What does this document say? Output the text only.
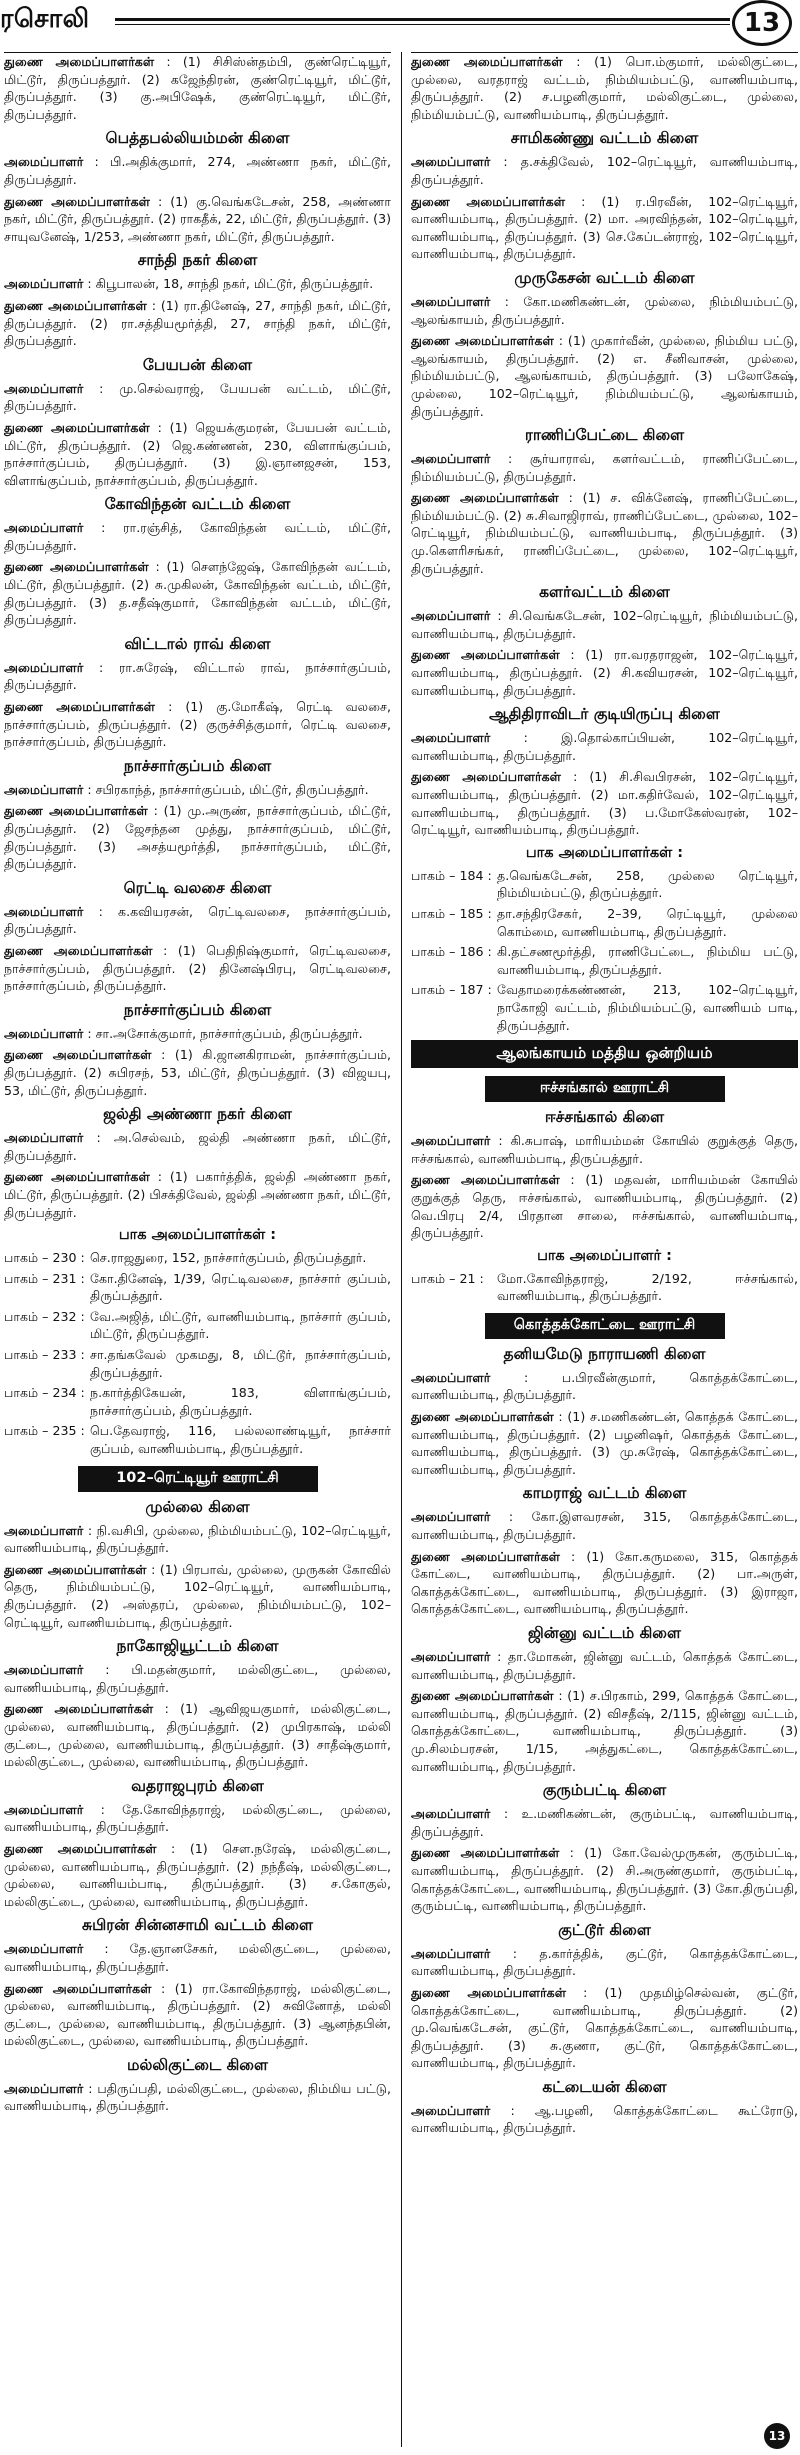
ரசொலி	13
துணை அமைப்பாளர்கள் : (1) சிசிஸ்ன்தம்பி, குண்ரெட்டியூர், மிட்டூர், திருப்பத்தூர். (2) கஜேந்திரன், குண்ரெட்டியூர், மிட்டூர், திருப்பத்தூர். (3) கு.அபிஷேக், குண்ரெட்டியூர், மிட்டூர், திருப்பத்தூர்.
பெத்தபல்லியம்மன் கிளை
அமைப்பாளர் : பி.அதிக்குமார், 274, அண்ணா நகர், மிட்டூர், திருப்பத்தூர்.
துணை அமைப்பாளர்கள் : (1) கு.வெங்கடேசன், 258, அண்ணா நகர், மிட்டூர், திருப்பத்தூர். (2) ராகதீக், 22, மிட்டூர், திருப்பத்தூர். (3) சாயுவனேஷ், 1/253, அண்ணா நகர், மிட்டூர், திருப்பத்தூர்.
சாந்தி நகர் கிளை
அமைப்பாளர் : கிபூபாலன், 18, சாந்தி நகர், மிட்டூர், திருப்பத்தூர்.
துணை அமைப்பாளர்கள் : (1) ரா.தினேஷ், 27, சாந்தி நகர், மிட்டூர், திருப்பத்தூர். (2) ரா.சத்தியமூர்த்தி, 27, சாந்தி நகர், மிட்டூர், திருப்பத்தூர்.
பேயபன் கிளை
அமைப்பாளர் : மு.செல்வராஜ், பேயபன் வட்டம், மிட்டூர், திருப்பத்தூர்.
துணை அமைப்பாளர்கள் : (1) ஜெயக்குமரன், பேயபன் வட்டம், மிட்டூர், திருப்பத்தூர். (2) ஜெ.கண்ணன், 230, விளாங்குப்பம், நாச்சார்குப்பம், திருப்பத்தூர். (3) இ.ஞானஜசன், 153, விளாங்குப்பம், நாச்சார்குப்பம், திருப்பத்தூர்.
கோவிந்தன் வட்டம் கிளை
அமைப்பாளர் : ரா.ரஞ்சித், கோவிந்தன் வட்டம், மிட்டூர், திருப்பத்தூர்.
துணை அமைப்பாளர்கள் : (1) சௌந்ஜேஷ், கோவிந்தன் வட்டம், மிட்டூர், திருப்பத்தூர். (2) சு.முகிலன், கோவிந்தன் வட்டம், மிட்டூர், திருப்பத்தூர். (3) த.சதீஷ்குமார், கோவிந்தன் வட்டம், மிட்டூர், திருப்பத்தூர்.
விட்டால் ராவ் கிளை
அமைப்பாளர் : ரா.சுரேஷ், விட்டால் ராவ், நாச்சார்குப்பம், திருப்பத்தூர்.
துணை அமைப்பாளர்கள் : (1) கு.மோகீஷ், ரெட்டி வலசை, நாச்சார்குப்பம், திருப்பத்தூர். (2) குருச்சித்குமார், ரெட்டி வலசை, நாச்சார்குப்பம், திருப்பத்தூர்.
நாச்சார்குப்பம் கிளை
அமைப்பாளர் : சபிரகாந்த், நாச்சார்குப்பம், மிட்டூர், திருப்பத்தூர்.
துணை அமைப்பாளர்கள் : (1) மு.அருண், நாச்சார்குப்பம், மிட்டூர், திருப்பத்தூர். (2) ஜேசந்தன முத்து, நாச்சார்குப்பம், மிட்டூர், திருப்பத்தூர். (3) அசத்யமூர்த்தி, நாச்சார்குப்பம், மிட்டூர், திருப்பத்தூர்.
ரெட்டி வலசை கிளை
அமைப்பாளர் : க.கவியரசன், ரெட்டிவலசை, நாச்சார்குப்பம், திருப்பத்தூர்.
துணை அமைப்பாளர்கள் : (1) பெதிநிஷ்குமார், ரெட்டிவலசை, நாச்சார்குப்பம், திருப்பத்தூர். (2) தினேஷ்பிரபு, ரெட்டிவலசை, நாச்சார்குப்பம், திருப்பத்தூர்.
நாச்சார்குப்பம் கிளை
அமைப்பாளர் : சா.அசோக்குமார், நாச்சார்குப்பம், திருப்பத்தூர்.
துணை அமைப்பாளர்கள் : (1) கி.ஜானகிராமன், நாச்சார்குப்பம், திருப்பத்தூர். (2) சுபிரசந், 53, மிட்டூர், திருப்பத்தூர். (3) விஜயபு, 53, மிட்டூர், திருப்பத்தூர்.
ஜல்தி அண்ணா நகர் கிளை
அமைப்பாளர் : அ.செல்வம், ஜல்தி அண்ணா நகர், மிட்டூர், திருப்பத்தூர்.
துணை அமைப்பாளர்கள் : (1) பகார்த்திக், ஜல்தி அண்ணா நகர், மிட்டூர், திருப்பத்தூர். (2) பிசக்திவேல், ஜல்தி அண்ணா நகர், மிட்டூர், திருப்பத்தூர்.
பாக அமைப்பாளர்கள் :
பாகம் – 230 : செ.ராஜதுரை, 152, நாச்சார்குப்பம், திருப்பத்தூர்.
பாகம் – 231 : கோ.தினேஷ், 1/39, ரெட்டிவலசை, நாச்சார் குப்பம், திருப்பத்தூர்.
பாகம் – 232 : வே.அஜித், மிட்டூர், வாணியம்பாடி, நாச்சார் குப்பம், மிட்டூர், திருப்பத்தூர்.
பாகம் – 233 : சா.தங்கவேல் முகமது, 8, மிட்டூர், நாச்சார்குப்பம், திருப்பத்தூர்.
பாகம் – 234 : ந.கார்த்திகேயன், 183, விளாங்குப்பம், நாச்சார்குப்பம், திருப்பத்தூர்.
பாகம் – 235 : பெ.தேவராஜ், 116, பல்லலாண்டியூர், நாச்சார் குப்பம், வாணியம்பாடி, திருப்பத்தூர்.
102–ரெட்டியூர் ஊராட்சி
முல்லை கிளை
அமைப்பாளர் : நி.வசிபி, முல்லை, நிம்மியம்பட்டு, 102–ரெட்டியூர், வாணியம்பாடி, திருப்பத்தூர்.
துணை அமைப்பாளர்கள் : (1) பிரபாவ், முல்லை, முருகன் கோவில் தெரு, நிம்மியம்பட்டு, 102–ரெட்டியூர், வாணியம்பாடி, திருப்பத்தூர். (2) அஸ்தரப், முல்லை, நிம்மியம்பட்டு, 102–ரெட்டியூர், வாணியம்பாடி, திருப்பத்தூர்.
நாகோஜியூட்டம் கிளை
அமைப்பாளர் : பி.மதன்குமார், மல்லிகுட்டை, முல்லை, வாணியம்பாடி, திருப்பத்தூர்.
துணை அமைப்பாளர்கள் : (1) ஆவிஜயகுமார், மல்லிகுட்டை, முல்லை, வாணியம்பாடி, திருப்பத்தூர். (2) முபிரகாஷ், மல்லி குட்டை, முல்லை, வாணியம்பாடி, திருப்பத்தூர். (3) சாதீஷ்குமார், மல்லிகுட்டை, முல்லை, வாணியம்பாடி, திருப்பத்தூர்.
வதராஜபுரம் கிளை
அமைப்பாளர் : தே.கோவிந்தராஜ், மல்லிகுட்டை, முல்லை, வாணியம்பாடி, திருப்பத்தூர்.
துணை அமைப்பாளர்கள் : (1) சௌ.நரேஷ், மல்லிகுட்டை, முல்லை, வாணியம்பாடி, திருப்பத்தூர். (2) நந்தீஷ், மல்லிகுட்டை, முல்லை, வாணியம்பாடி, திருப்பத்தூர். (3) ச.கோகுல், மல்லிகுட்டை, முல்லை, வாணியம்பாடி, திருப்பத்தூர்.
சுபிரன் சின்னசாமி வட்டம் கிளை
அமைப்பாளர் : தே.ஞானசேகர், மல்லிகுட்டை, முல்லை, வாணியம்பாடி, திருப்பத்தூர்.
துணை அமைப்பாளர்கள் : (1) ரா.கோவிந்தராஜ், மல்லிகுட்டை, முல்லை, வாணியம்பாடி, திருப்பத்தூர். (2) சுவினோத், மல்லி குட்டை, முல்லை, வாணியம்பாடி, திருப்பத்தூர். (3) ஆனந்தபின், மல்லிகுட்டை, முல்லை, வாணியம்பாடி, திருப்பத்தூர்.
மல்லிகுட்டை கிளை
அமைப்பாளர் : பதிருப்பதி, மல்லிகுட்டை, முல்லை, நிம்மிய பட்டு, வாணியம்பாடி, திருப்பத்தூர்.
துணை அமைப்பாளர்கள் : (1) பொ.ம்குமார், மல்லிகுட்டை, முல்லை, வரதராஜ் வட்டம், நிம்மியம்பட்டு, வாணியம்பாடி, திருப்பத்தூர். (2) ச.பழனிகுமார், மல்லிகுட்டை, முல்லை, நிம்மியம்பட்டு, வாணியம்பாடி, திருப்பத்தூர்.
சாமிகண்ணு வட்டம் கிளை
அமைப்பாளர் : த.சக்திவேல், 102–ரெட்டியூர், வாணியம்பாடி, திருப்பத்தூர்.
துணை அமைப்பாளர்கள் : (1) ர.பிரவீன், 102–ரெட்டியூர், வாணியம்பாடி, திருப்பத்தூர். (2) மா. அரவிந்தன், 102–ரெட்டியூர், வாணியம்பாடி, திருப்பத்தூர். (3) செ.கேப்டன்ராஜ், 102–ரெட்டியூர், வாணியம்பாடி, திருப்பத்தூர்.
முருகேசன் வட்டம் கிளை
அமைப்பாளர் : கோ.மணிகண்டன், முல்லை, நிம்மியம்பட்டு, ஆலங்காயம், திருப்பத்தூர்.
துணை அமைப்பாளர்கள் : (1) முகார்வீன், முல்லை, நிம்மிய பட்டு, ஆலங்காயம், திருப்பத்தூர். (2) எ. சீனிவாசன், முல்லை, நிம்மியம்பட்டு, ஆலங்காயம், திருப்பத்தூர். (3) பலோகேஷ், முல்லை, 102–ரெட்டியூர், நிம்மியம்பட்டு, ஆலங்காயம், திருப்பத்தூர்.
ராணிப்பேட்டை கிளை
அமைப்பாளர் : சூர்யாராவ், களர்வட்டம், ராணிப்பேட்டை, நிம்மியம்பட்டு, திருப்பத்தூர்.
துணை அமைப்பாளர்கள் : (1) ச. விக்னேஷ், ராணிப்பேட்டை, நிம்மியம்பட்டு. (2) சு.சிவாஜிராவ், ராணிப்பேட்டை, முல்லை, 102–ரெட்டியூர், நிம்மியம்பட்டு, வாணியம்பாடி, திருப்பத்தூர். (3) மு.கௌரிசங்கர், ராணிப்பேட்டை, முல்லை, 102–ரெட்டியூர், திருப்பத்தூர்.
களர்வட்டம் கிளை
அமைப்பாளர் : சி.வெங்கடேசன், 102–ரெட்டியூர், நிம்மியம்பட்டு, வாணியம்பாடி, திருப்பத்தூர்.
துணை அமைப்பாளர்கள் : (1) ரா.வரதராஜன், 102–ரெட்டியூர், வாணியம்பாடி, திருப்பத்தூர். (2) சி.கவியரசன், 102–ரெட்டியூர், வாணியம்பாடி, திருப்பத்தூர்.
ஆதிதிராவிடர் குடியிருப்பு கிளை
அமைப்பாளர் : இ.தொல்காப்பியன், 102–ரெட்டியூர், வாணியம்பாடி, திருப்பத்தூர்.
துணை அமைப்பாளர்கள் : (1) சி.சிவபிரசன், 102–ரெட்டியூர், வாணியம்பாடி, திருப்பத்தூர். (2) மா.கதிர்வேல், 102–ரெட்டியூர், வாணியம்பாடி, திருப்பத்தூர். (3) ப.மோகேஸ்வரன், 102–ரெட்டியூர், வாணியம்பாடி, திருப்பத்தூர்.
பாக அமைப்பாளர்கள் :
பாகம் – 184 : த.வெங்கடேசன், 258, முல்லை ரெட்டியூர், நிம்மியம்பட்டு, திருப்பத்தூர்.
பாகம் – 185 : தா.சந்திரசேகர், 2–39, ரெட்டியூர், முல்லை கொம்மை, வாணியம்பாடி, திருப்பத்தூர்.
பாகம் – 186 : கி.தட்சணமூர்த்தி, ராணிபேட்டை, நிம்மிய பட்டு, வாணியம்பாடி, திருப்பத்தூர்.
பாகம் – 187 : வேதாமரைக்கண்ணன், 213, 102–ரெட்டியூர், நாகோஜி வட்டம், நிம்மியம்பட்டு, வாணியம் பாடி, திருப்பத்தூர்.
ஆலங்காயம் மத்திய ஒன்றியம்
ஈச்சங்கால் ஊராட்சி
ஈச்சங்கால் கிளை
அமைப்பாளர் : கி.சுபாஷ், மாரியம்மன் கோயில் குறுக்குத் தெரு, ஈச்சங்கால், வாணியம்பாடி, திருப்பத்தூர்.
துணை அமைப்பாளர்கள் : (1) மதவன், மாரியம்மன் கோயில் குறுக்குத் தெரு, ஈச்சங்கால், வாணியம்பாடி, திருப்பத்தூர். (2) வெ.பிரபு 2/4, பிரதான சாலை, ஈச்சங்கால், வாணியம்பாடி, திருப்பத்தூர்.
பாக அமைப்பாளர் :
பாகம் – 21 :	மோ.கோவிந்தராஜ், 2/192, ஈச்சங்கால், வாணியம்பாடி, திருப்பத்தூர்.
கொத்தக்கோட்டை ஊராட்சி
தனியமேடு நாராயணி கிளை
அமைப்பாளர் : ப.பிரவீன்குமார், கொத்தக்கோட்டை, வாணியம்பாடி, திருப்பத்தூர்.
துணை அமைப்பாளர்கள் : (1) ச.மணிகண்டன், கொத்தக் கோட்டை, வாணியம்பாடி, திருப்பத்தூர். (2) பழனிஷர், கொத்தக் கோட்டை, வாணியம்பாடி, திருப்பத்தூர். (3) மு.சுரேஷ், கொத்தக்கோட்டை, வாணியம்பாடி, திருப்பத்தூர்.
காமராஜ் வட்டம் கிளை
அமைப்பாளர் : கோ.இளவரசன், 315, கொத்தக்கோட்டை, வாணியம்பாடி, திருப்பத்தூர்.
துணை அமைப்பாளர்கள் : (1) கோ.கருமலை, 315, கொத்தக் கோட்டை, வாணியம்பாடி, திருப்பத்தூர். (2) பா.அருள், கொத்தக்கோட்டை, வாணியம்பாடி, திருப்பத்தூர். (3) இராஜா, கொத்தக்கோட்டை, வாணியம்பாடி, திருப்பத்தூர்.
ஜின்னு வட்டம் கிளை
அமைப்பாளர் : தா.மோகன், ஜின்னு வட்டம், கொத்தக் கோட்டை, வாணியம்பாடி, திருப்பத்தூர்.
துணை அமைப்பாளர்கள் : (1) ச.பிரகாம், 299, கொத்தக் கோட்டை, வாணியம்பாடி, திருப்பத்தூர். (2) விசதீஷ், 2/115, ஜின்னு வட்டம், கொத்தக்கோட்டை, வாணியம்பாடி, திருப்பத்தூர். (3) மு.சிலம்பரசன், 1/15, அத்துகட்டை, கொத்தக்கோட்டை, வாணியம்பாடி, திருப்பத்தூர்.
குரும்பட்டி கிளை
அமைப்பாளர் : உ.மணிகண்டன், குரும்பட்டி, வாணியம்பாடி, திருப்பத்தூர்.
துணை அமைப்பாளர்கள் : (1) கோ.வேல்முருகன், குரும்பட்டி, வாணியம்பாடி, திருப்பத்தூர். (2) சி.அருண்குமார், குரும்பட்டி, கொத்தக்கோட்டை, வாணியம்பாடி, திருப்பத்தூர். (3) கோ.திருப்பதி, குரும்பட்டி, வாணியம்பாடி, திருப்பத்தூர்.
குட்டூர் கிளை
அமைப்பாளர் : த.கார்த்திக், குட்டூர், கொத்தக்கோட்டை, வாணியம்பாடி, திருப்பத்தூர்.
துணை அமைப்பாளர்கள் : (1) முதமிழ்செல்வன், குட்டூர், கொத்தக்கோட்டை, வாணியம்பாடி, திருப்பத்தூர். (2) மு.வெங்கடேசன், குட்டூர், கொத்தக்கோட்டை, வாணியம்பாடி, திருப்பத்தூர். (3) சு.குணா, குட்டூர், கொத்தக்கோட்டை, வாணியம்பாடி, திருப்பத்தூர்.
கட்டையன் கிளை
அமைப்பாளர் : ஆ.பழனி, கொத்தக்கோட்டை கூட்ரோடு, வாணியம்பாடி, திருப்பத்தூர்.
13
